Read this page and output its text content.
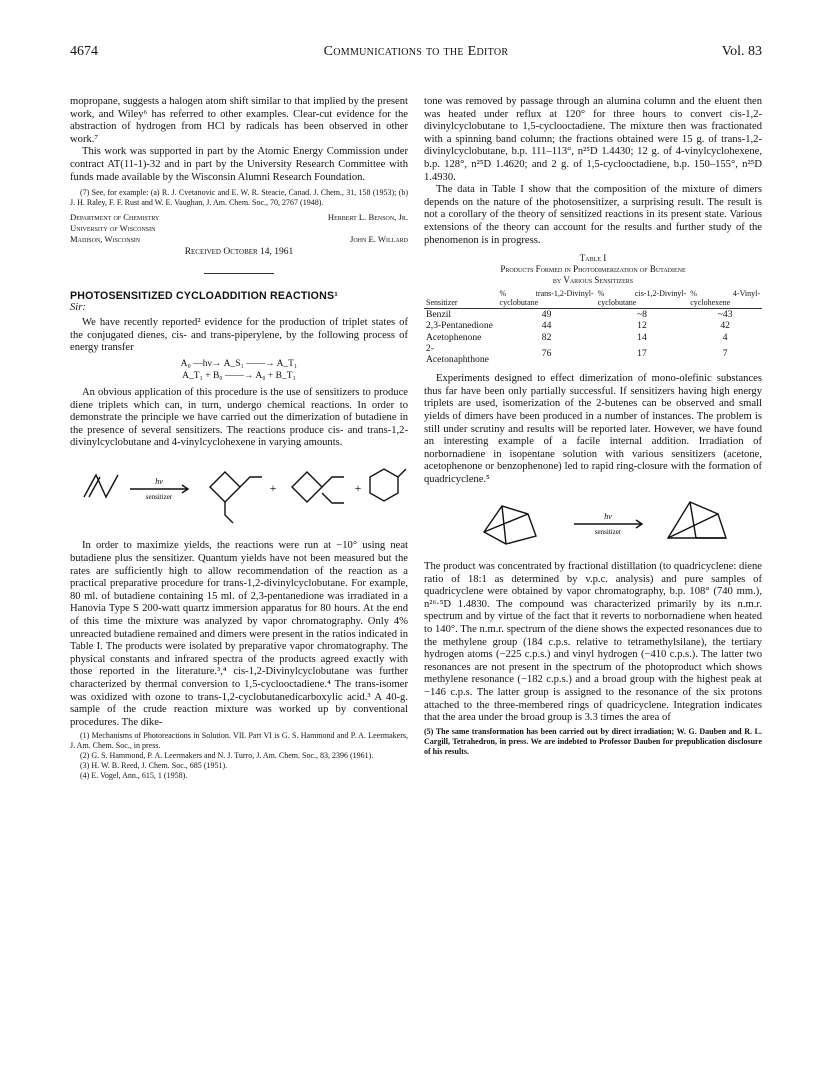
4674	Communications to the Editor	Vol. 83

mopropane, suggests a halogen atom shift similar to that implied by the present work, and Wiley⁶ has referred to other examples. Clear-cut evidence for the abstraction of hydrogen from HCl by radicals has been observed in other work.⁷

This work was supported in part by the Atomic Energy Commission under contract AT(11-1)-32 and in part by the University Research Committee with funds made available by the Wisconsin Alumni Research Foundation.

(7) See, for example: (a) R. J. Cvetanovic and E. W. R. Steacie, Canad. J. Chem., 31, 158 (1953); (b) J. H. Raley, F. F. Rust and W. E. Vaughan, J. Am. Chem. Soc., 70, 2767 (1948).

Department of Chemistry	Herbert L. Benson, Jr.
University of Wisconsin
Madison, Wisconsin	John E. Willard
Received October 14, 1961

PHOTOSENSITIZED CYCLOADDITION REACTIONS¹

Sir:

We have recently reported² evidence for the production of triplet states of the conjugated dienes, cis- and trans-piperylene, by the following process of energy transfer

A₀ —hν→ A_S₁ ——→ A_T₁
A_T₁ + B₀ ——→ A₀ + B_T₁

An obvious application of this procedure is the use of sensitizers to produce diene triplets which can, in turn, undergo chemical reactions. In order to demonstrate the principle we have carried out the dimerization of butadiene in the presence of several sensitizers. The reactions produce cis- and trans-1,2-divinylcyclobutane and 4-vinylcyclohexene in varying amounts.

hν
sensitizer
+	+

In order to maximize yields, the reactions were run at −10° using neat butadiene plus the sensitizer. Quantum yields have not been measured but the rates are sufficiently high to allow recommendation of the reaction as a practical preparative procedure for trans-1,2-divinylcyclobutane. For example, 80 ml. of butadiene containing 15 ml. of 2,3-pentanedione was irradiated in a Hanovia Type S 200-watt quartz immersion apparatus for 80 hours. At the end of this time the mixture was analyzed by vapor chromatography. Only 4% unreacted butadiene remained and dimers were present in the ratios indicated in Table I. The products were isolated by preparative vapor chromatography. The physical constants and infrared spectra of the products agreed exactly with those reported in the literature.³,⁴ cis-1,2-Divinylcyclobutane was further characterized by thermal conversion to 1,5-cyclooctadiene.⁴ The trans-isomer was oxidized with ozone to trans-1,2-cyclobutanedicarboxylic acid.³ A 40-g. sample of the crude reaction mixture was worked up by conventional procedures. The dike-

(1) Mechanisms of Photoreactions in Solution. VII. Part VI is G. S. Hammond and P. A. Leermakers, J. Am. Chem. Soc., in press.

(2) G. S. Hammond, P. A. Leermakers and N. J. Turro, J. Am. Chem. Soc., 83, 2396 (1961).

(3) H. W. B. Reed, J. Chem. Soc., 685 (1951).

(4) E. Vogel, Ann., 615, 1 (1958).

tone was removed by passage through an alumina column and the eluent then was heated under reflux at 120° for three hours to convert cis-1,2-divinylcyclobutane to 1,5-cyclooctadiene. The mixture then was fractionated with a spinning band column; the fractions obtained were 15 g. of trans-1,2-divinylcyclobutane, b.p. 111–113°, n²⁵D 1.4430; 12 g. of 4-vinylcyclohexene, b.p. 128°, n²⁵D 1.4620; and 2 g. of 1,5-cyclooctadiene, b.p. 150–155°, n²⁵D 1.4930.

The data in Table I show that the composition of the mixture of dimers depends on the nature of the photosensitizer, a surprising result. The result is not a corollary of the theory of sensitized reactions in its present state. Various extensions of the theory can account for the results and further study of the phenomenon is in progress.

Table I
Products Formed in Photodimerization of Butadiene
by Various Sensitizers
Sensitizer	% trans-1,2-Divinyl-cyclobutane	% cis-1,2-Divinyl-cyclobutane	% 4-Vinyl-cyclohexene
Benzil	49	~8	~43
2,3-Pentanedione	44	12	42
Acetophenone	82	14	4
2-Acetonaphthone	76	17	7

Experiments designed to effect dimerization of mono-olefinic substances thus far have been only partially successful. If sensitizers having high energy triplets are used, isomerization of the 2-butenes can be observed and small yields of dimers have been produced in a number of instances. The problem is still under scrutiny and results will be reported later. However, we have found an interesting example of a facile internal addition. Irradiation of norbornadiene in isopentane solution with various sensitizers (acetone, acetophenone or benzophenone) led to rapid ring-closure with the formation of quadricyclene.⁵

hν
sensitizer

The product was concentrated by fractional distillation (to quadricyclene: diene ratio of 18:1 as determined by v.p.c. analysis) and pure samples of quadricyclene were obtained by vapor chromatography, b.p. 108° (740 mm.), n²⁶·⁵D 1.4830. The compound was characterized primarily by its n.m.r. spectrum and by virtue of the fact that it reverts to norbornadiene when heated to 140°. The n.m.r. spectrum of the diene shows the expected resonances due to the methylene group (184 c.p.s. relative to tetramethylsilane), the tertiary hydrogen atoms (−225 c.p.s.) and vinyl hydrogen (−410 c.p.s.). The latter two resonances are not present in the spectrum of the photoproduct which shows methylene resonance (−182 c.p.s.) and a broad group with the highest peak at −146 c.p.s. The latter group is assigned to the resonance of the six protons attached to the three-membered rings of quadricyclene. Integration indicates that the area under the broad group is 3.3 times the area of

(5) The same transformation has been carried out by direct irradiation; W. G. Dauben and R. L. Cargill, Tetrahedron, in press. We are indebted to Professor Dauben for prepublication disclosure of his results.
